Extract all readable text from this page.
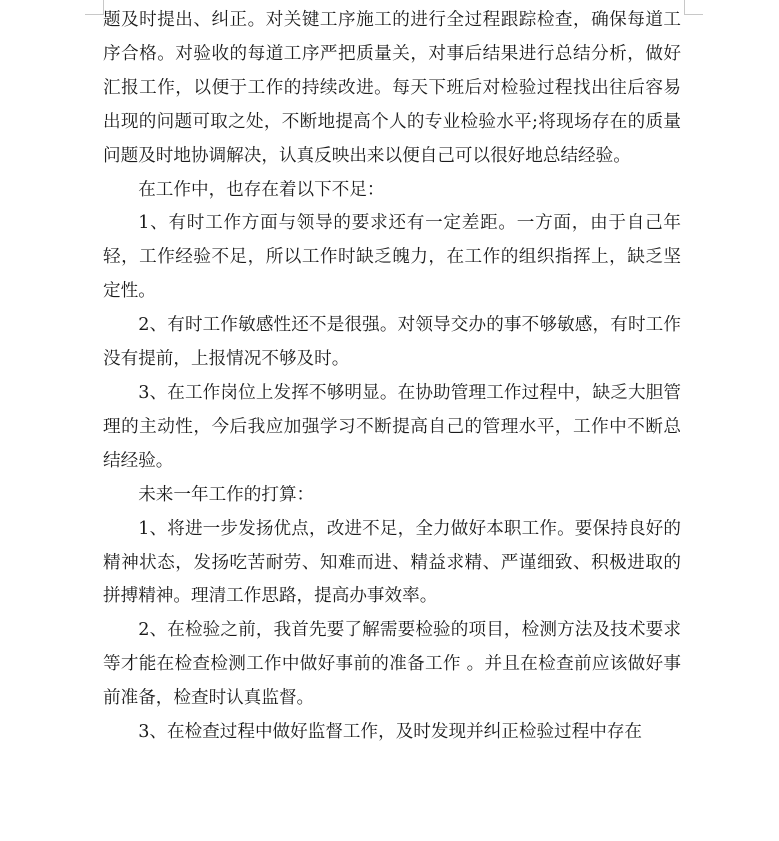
题及时提出、纠正。对关键工序施工的进行全过程跟踪检查，确保每道工序合格。对验收的每道工序严把质量关，对事后结果进行总结分析，做好汇报工作，以便于工作的持续改进。每天下班后对检验过程找出往后容易出现的问题可取之处，不断地提高个人的专业检验水平;将现场存在的质量问题及时地协调解决，认真反映出来以便自己可以很好地总结经验。

在工作中，也存在着以下不足：

1、有时工作方面与领导的要求还有一定差距。一方面，由于自己年轻，工作经验不足，所以工作时缺乏魄力，在工作的组织指挥上，缺乏坚定性。

2、有时工作敏感性还不是很强。对领导交办的事不够敏感，有时工作没有提前，上报情况不够及时。

3、在工作岗位上发挥不够明显。在协助管理工作过程中，缺乏大胆管理的主动性，今后我应加强学习不断提高自己的管理水平，工作中不断总结经验。

未来一年工作的打算：

1、将进一步发扬优点，改进不足，全力做好本职工作。要保持良好的精神状态，发扬吃苦耐劳、知难而进、精益求精、严谨细致、积极进取的拼搏精神。理清工作思路，提高办事效率。

2、在检验之前，我首先要了解需要检验的项目，检测方法及技术要求等才能在检查检测工作中做好事前的准备工作 。并且在检查前应该做好事前准备，检查时认真监督。

3、在检查过程中做好监督工作，及时发现并纠正检验过程中存在
